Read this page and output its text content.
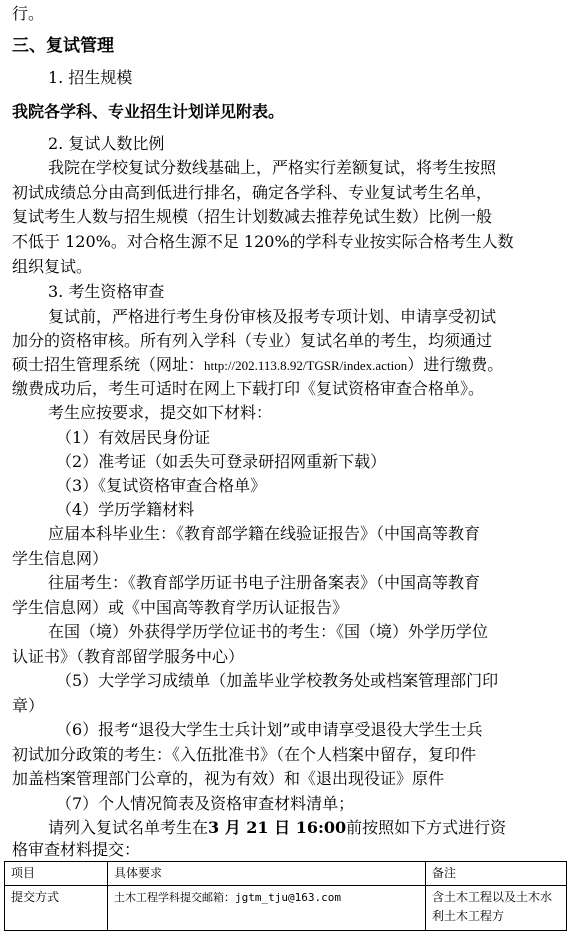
行。
三、复试管理
1. 招生规模
我院各学科、专业招生计划详见附表。
2. 复试人数比例
我院在学校复试分数线基础上，严格实行差额复试，将考生按照
初试成绩总分由高到低进行排名，确定各学科、专业复试考生名单，
复试考生人数与招生规模（招生计划数减去推荐免试生数）比例一般
不低于 120%。对合格生源不足 120%的学科专业按实际合格考生人数
组织复试。
3. 考生资格审查
复试前，严格进行考生身份审核及报考专项计划、申请享受初试
加分的资格审核。所有列入学科（专业）复试名单的考生，均须通过
硕士招生管理系统（网址：http://202.113.8.92/TGSR/index.action）进行缴费。
缴费成功后，考生可适时在网上下载打印《复试资格审查合格单》。
考生应按要求，提交如下材料：
（1）有效居民身份证
（2）准考证（如丢失可登录研招网重新下载）
（3）《复试资格审查合格单》
（4）学历学籍材料
应届本科毕业生：《教育部学籍在线验证报告》（中国高等教育
学生信息网）
往届考生：《教育部学历证书电子注册备案表》（中国高等教育
学生信息网）或《中国高等教育学历认证报告》
在国（境）外获得学历学位证书的考生：《国（境）外学历学位
认证书》（教育部留学服务中心）
（5）大学学习成绩单（加盖毕业学校教务处或档案管理部门印
章）
（6）报考“退役大学生士兵计划”或申请享受退役大学生士兵
初试加分政策的考生：《入伍批准书》（在个人档案中留存，复印件
加盖档案管理部门公章的，视为有效）和《退出现役证》原件
（7）个人情况简表及资格审查材料清单；
请列入复试名单考生在3 月 21 日 16:00前按照如下方式进行资
格审查材料提交：
项目	具体要求	备注
提交方式	土木工程学科提交邮箱：jgtm_tju@163.com	含土木工程以及土木水利土木工程方
